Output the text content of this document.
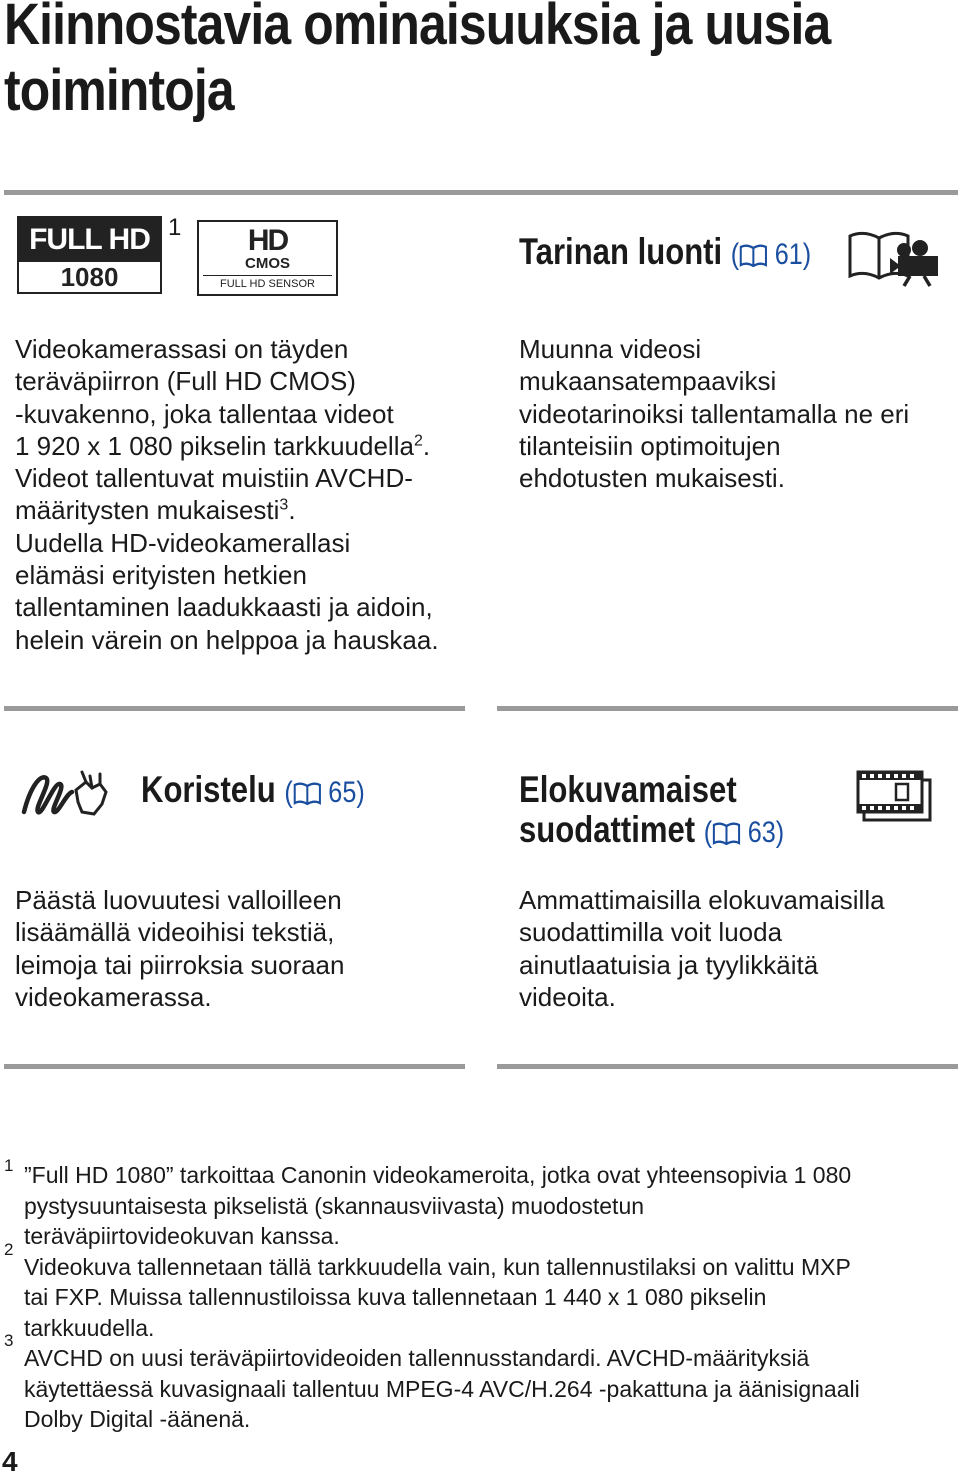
Kiinnostavia ominaisuuksia ja uusia
toimintoja
FULL HD
1080
1	HD
CMOS
FULL HD SENSOR
Videokamerassasi on täyden
teräväpiirron (Full HD CMOS)
-kuvakenno, joka tallentaa videot
1 920 x 1 080 pikselin tarkkuudella$^2$.
Videot tallentuvat muistiin AVCHD-
määritysten mukaisesti$^3$.
Uudella HD-videokamerallasi
elämäsi erityisten hetkien
tallentaminen laadukkaasti ja aidoin,
helein värein on helppoa ja hauskaa.
Tarinan luonti ( 61)
Muunna videosi
mukaansatempaaviksi
videotarinoiksi tallentamalla ne eri
tilanteisiin optimoitujen
ehdotusten mukaisesti.
Koristelu ( 65)
Päästä luovuutesi valloilleen
lisäämällä videoihisi tekstiä,
leimoja tai piirroksia suoraan
videokamerassa.
Elokuvamaiset
suodattimet ( 63)
Ammattimaisilla elokuvamaisilla
suodattimilla voit luoda
ainutlaatuisia ja tyylikkäitä
videoita.
1 ”Full HD 1080” tarkoittaa Canonin videokameroita, jotka ovat yhteensopivia 1 080
pystysuuntaisesta pikselistä (skannausviivasta) muodostetun
teräväpiirtovideokuvan kanssa.
2
Videokuva tallennetaan tällä tarkkuudella vain, kun tallennustilaksi on valittu MXP
tai FXP. Muissa tallennustiloissa kuva tallennetaan 1 440 x 1 080 pikselin
tarkkuudella.
3
AVCHD on uusi teräväpiirtovideoiden tallennusstandardi. AVCHD-määrityksiä
käytettäessä kuvasignaali tallentuu MPEG-4 AVC/H.264 -pakattuna ja äänisignaali
Dolby Digital -äänenä.
4
